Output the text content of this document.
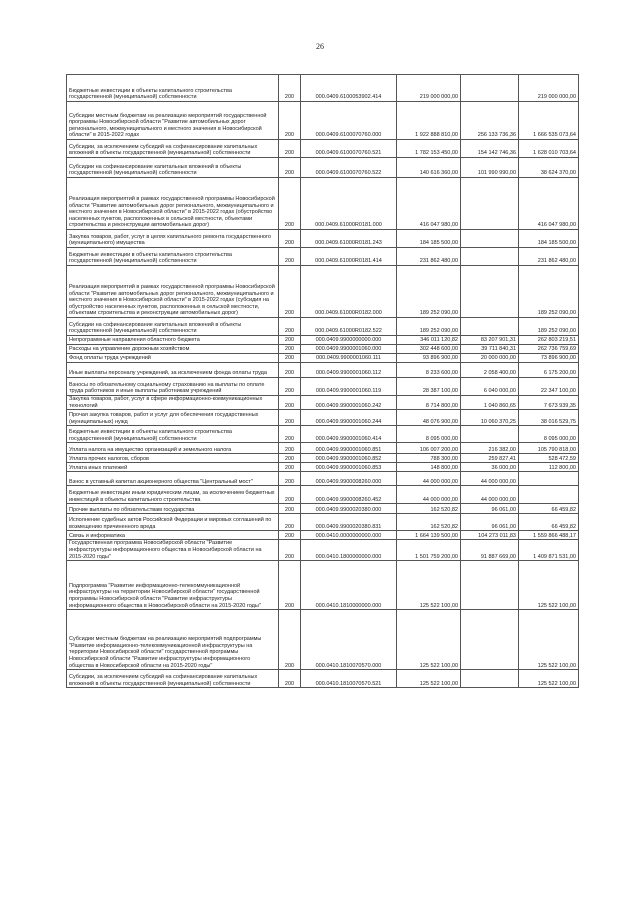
26
Бюджетные инвестиции в объекты капитального строительства государственной (муниципальной) собственности	200	000.0409.6100053902.414	219 000 000,00		219 000 000,00
Субсидии местным бюджетам на реализацию мероприятий государственной программы Новосибирской области "Развитие автомобильных дорог регионального, межмуниципального и местного значения в Новосибирской области" в 2015-2022 годах	200	000.0409.6100070760.000	1 922 888 810,00	256 133 736,36	1 666 535 073,64
Субсидии, за исключением субсидий на софинансирование капитальных вложений в объекты государственной (муниципальной) собственности	200	000.0409.6100070760.521	1 782 153 450,00	154 142 746,36	1 628 010 703,64
Субсидии на софинансирование капитальных вложений в объекты государственной (муниципальной) собственности	200	000.0409.6100070760.522	140 616 360,00	101 990 990,00	38 624 370,00
Реализация мероприятий в рамках государственной программы Новосибирской области "Развитие автомобильных дорог регионального, межмуниципального и местного значения в Новосибирской области" в 2015-2022 годах (обустройство населенных пунктов, расположенных в сельской местности, объектами строительства и реконструкции автомобильных дорог)	200	000.0409.61000R0181.000	416 047 980,00		416 047 980,00
Закупка товаров, работ, услуг в целях капитального ремонта государственного (муниципального) имущества	200	000.0409.61000R0181.243	184 185 500,00		184 185 500,00
Бюджетные инвестиции в объекты капитального строительства государственной (муниципальной) собственности	200	000.0409.61000R0181.414	231 862 480,00		231 862 480,00
Реализация мероприятий в рамках государственной программы Новосибирской области "Развитие автомобильных дорог регионального, межмуниципального и местного значения в Новосибирской области" в 2015-2022 годах (субсидия на обустройство населенных пунктов, расположенных в сельской местности, объектами строительства и реконструкции автомобильных дорог)	200	000.0409.61000R0182.000	189 252 090,00		189 252 090,00
Субсидии на софинансирование капитальных вложений в объекты государственной (муниципальной) собственности	200	000.0409.61000R0182.522	189 252 090,00		189 252 090,00
Непрограммные направления областного бюджета	200	000.0409.9900000000.000	346 011 120,82	83 207 901,31	262 803 219,51
Расходы на управление дорожным хозяйством	200	000.0409.9900001060.000	302 448 600,00	39 711 840,31	262 736 759,69
Фонд оплаты труда учреждений	200	000.0409.9900001060.111	93 896 900,00	20 000 000,00	73 896 900,00
Иные выплаты персоналу учреждений, за исключением фонда оплаты труда	200	000.0409.9900001060.112	8 233 600,00	2 058 400,00	6 175 200,00
Взносы по обязательному социальному страхованию на выплаты по оплате труда работников и иные выплаты работникам учреждений	200	000.0409.9900001060.119	28 387 100,00	6 040 000,00	22 347 100,00
Закупка товаров, работ, услуг в сфере информационно-коммуникационных технологий	200	000.0409.9900001060.242	8 714 800,00	1 040 860,65	7 673 939,35
Прочая закупка товаров, работ и услуг для обеспечения государственных (муниципальных) нужд	200	000.0409.9900001060.244	48 076 900,00	10 060 370,25	38 016 529,75
Бюджетные инвестиции в объекты капитального строительства государственной (муниципальной) собственности	200	000.0409.9900001060.414	8 095 000,00		8 095 000,00
Уплата налога на имущество организаций и земельного налога	200	000.0409.9900001060.851	106 007 200,00	216 382,00	105 790 818,00
Уплата прочих налогов, сборов	200	000.0409.9900001060.852	788 300,00	259 827,41	528 472,59
Уплата иных платежей	200	000.0409.9900001060.853	148 800,00	36 000,00	112 800,00
Взнос в уставный капитал акционерного общества "Центральный мост"	200	000.0409.9900008260.000	44 000 000,00	44 000 000,00	
Бюджетные инвестиции иным юридическим лицам, за исключением бюджетных инвестиций в объекты капитального строительства	200	000.0409.9900008260.452	44 000 000,00	44 000 000,00	
Прочие выплаты по обязательствам государства	200	000.0409.9900020380.000	162 520,82	96 061,00	66 459,82
Исполнение судебных актов Российской Федерации и мировых соглашений по возмещению причиненного вреда	200	000.0409.9900020380.831	162 520,82	96 061,00	66 459,82
Связь и информатика	200	000.0410.0000000000.000	1 664 139 500,00	104 273 011,83	1 559 866 488,17
Государственная программа Новосибирской области "Развитие инфраструктуры информационного общества в Новосибирской области на 2015-2020 годы"	200	000.0410.1800000000.000	1 501 759 200,00	91 887 669,00	1 409 871 531,00
Подпрограмма "Развитие информационно-телекоммуникационной инфраструктуры на территории Новосибирской области" государственной программы Новосибирской области "Развитие инфраструктуры информационного общества в Новосибирской области на 2015-2020 годы"	200	000.0410.1810000000.000	125 522 100,00		125 522 100,00
Субсидии местным бюджетам на реализацию мероприятий подпрограммы "Развитие информационно-телекоммуникационной инфраструктуры на территории Новосибирской области" государственной программы Новосибирской области "Развитие инфраструктуры информационного общества в Новосибирской области на 2015-2020 годы"	200	000.0410.1810070570.000	125 522 100,00		125 522 100,00
Субсидии, за исключением субсидий на софинансирование капитальных вложений в объекты государственной (муниципальной) собственности	200	000.0410.1810070570.521	125 522 100,00		125 522 100,00
